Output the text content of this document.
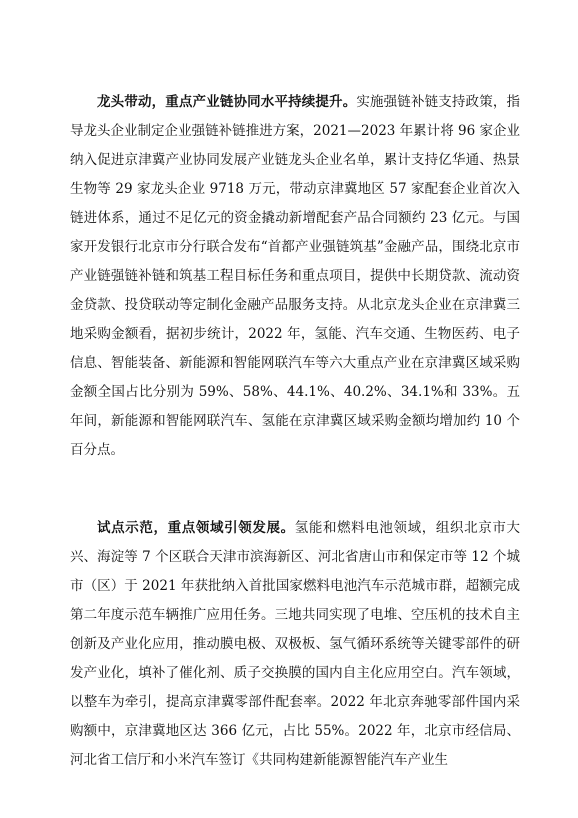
龙头带动，重点产业链协同水平持续提升。实施强链补链支持政策，指导龙头企业制定企业强链补链推进方案，2021—2023 年累计将 96 家企业纳入促进京津冀产业协同发展产业链龙头企业名单，累计支持亿华通、热景生物等 29 家龙头企业 9718 万元，带动京津冀地区 57 家配套企业首次入链进体系，通过不足亿元的资金撬动新增配套产品合同额约 23 亿元。与国家开发银行北京市分行联合发布“首都产业强链筑基”金融产品，围绕北京市产业链强链补链和筑基工程目标任务和重点项目，提供中长期贷款、流动资金贷款、投贷联动等定制化金融产品服务支持。从北京龙头企业在京津冀三地采购金额看，据初步统计，2022 年，氢能、汽车交通、生物医药、电子信息、智能装备、新能源和智能网联汽车等六大重点产业在京津冀区域采购金额全国占比分别为 59%、58%、44.1%、40.2%、34.1%和 33%。五年间，新能源和智能网联汽车、氢能在京津冀区域采购金额均增加约 10 个百分点。

试点示范，重点领域引领发展。氢能和燃料电池领域，组织北京市大兴、海淀等 7 个区联合天津市滨海新区、河北省唐山市和保定市等 12 个城市（区）于 2021 年获批纳入首批国家燃料电池汽车示范城市群，超额完成第二年度示范车辆推广应用任务。三地共同实现了电堆、空压机的技术自主创新及产业化应用，推动膜电极、双极板、氢气循环系统等关键零部件的研发产业化，填补了催化剂、质子交换膜的国内自主化应用空白。汽车领域，以整车为牵引，提高京津冀零部件配套率。2022 年北京奔驰零部件国内采购额中，京津冀地区达 366 亿元，占比 55%。2022 年，北京市经信局、河北省工信厅和小米汽车签订《共同构建新能源智能汽车产业生
